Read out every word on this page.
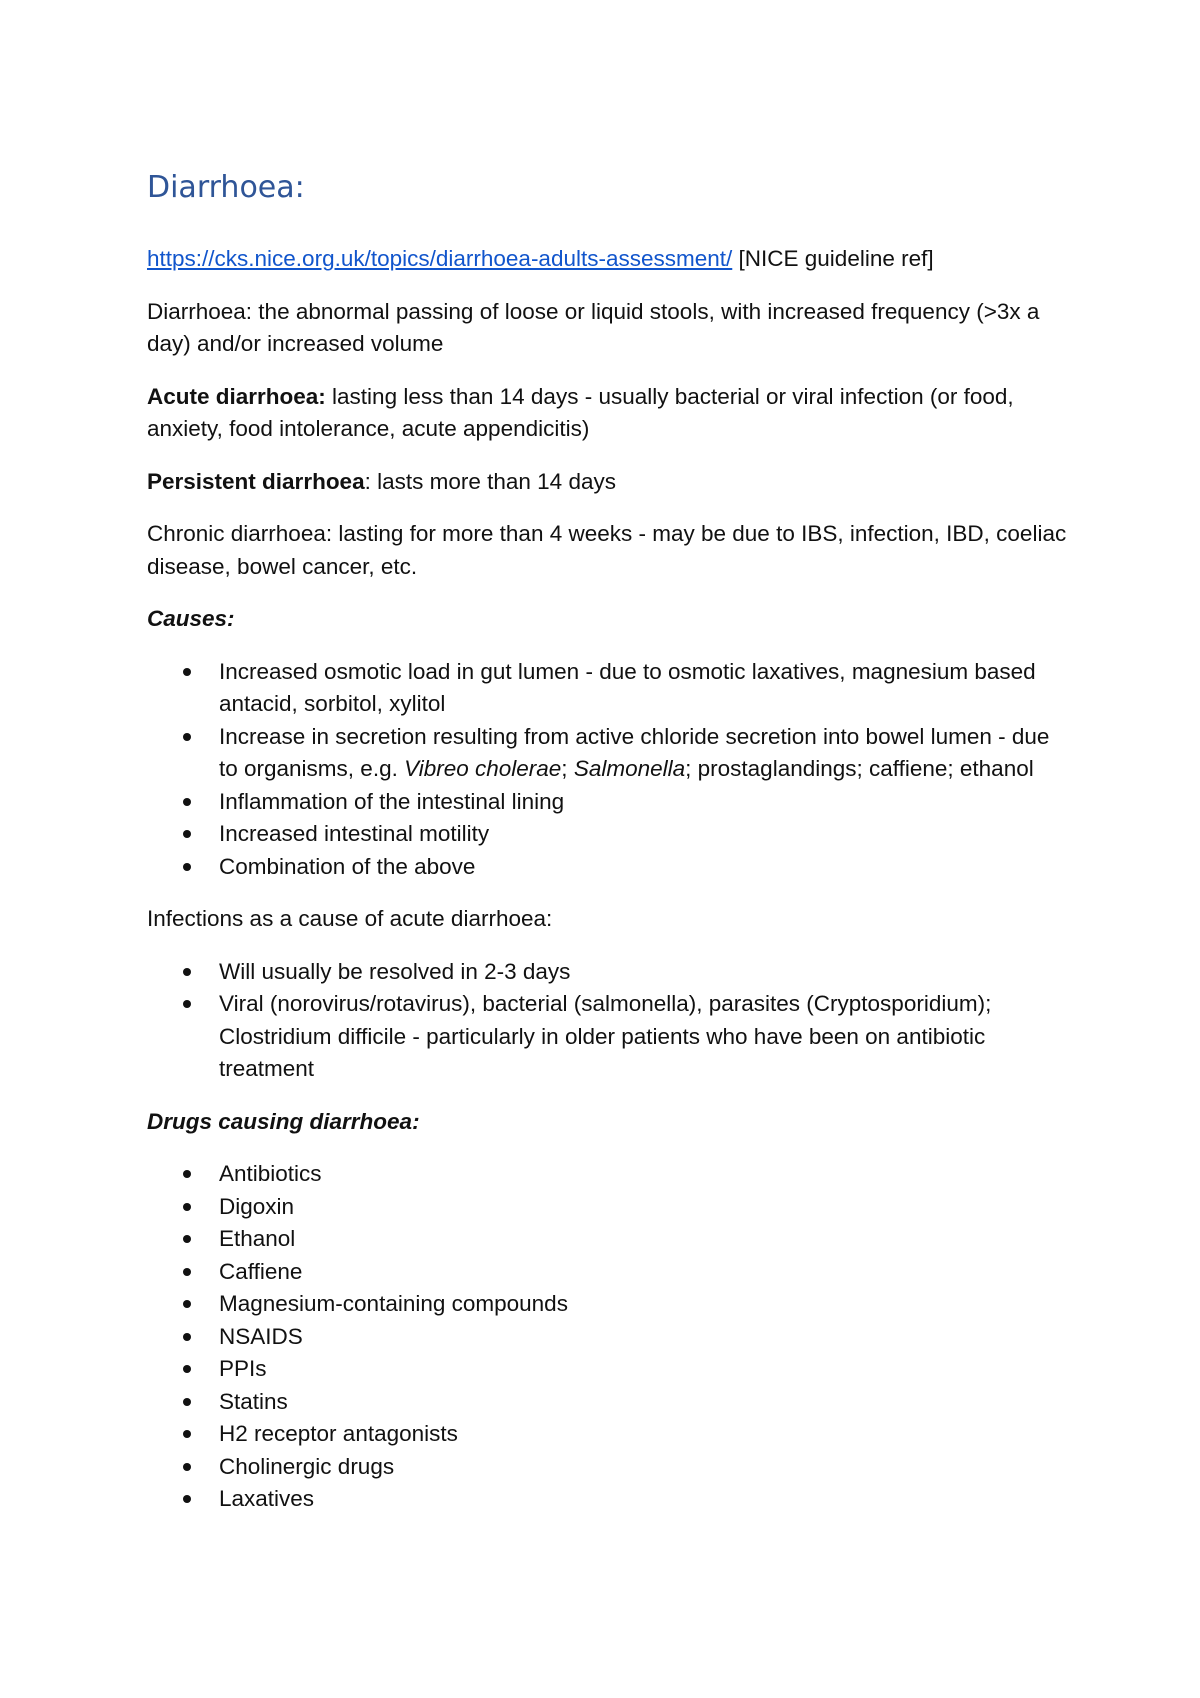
Diarrhoea:

https://cks.nice.org.uk/topics/diarrhoea-adults-assessment/ [NICE guideline ref]

Diarrhoea: the abnormal passing of loose or liquid stools, with increased frequency (>3x a day) and/or increased volume

Acute diarrhoea: lasting less than 14 days - usually bacterial or viral infection (or food, anxiety, food intolerance, acute appendicitis)

Persistent diarrhoea: lasts more than 14 days

Chronic diarrhoea: lasting for more than 4 weeks - may be due to IBS, infection, IBD, coeliac disease, bowel cancer, etc.

Causes:

Increased osmotic load in gut lumen - due to osmotic laxatives, magnesium based antacid, sorbitol, xylitol
Increase in secretion resulting from active chloride secretion into bowel lumen - due to organisms, e.g. Vibreo cholerae; Salmonella; prostaglandings; caffiene; ethanol
Inflammation of the intestinal lining
Increased intestinal motility
Combination of the above

Infections as a cause of acute diarrhoea:

Will usually be resolved in 2-3 days
Viral (norovirus/rotavirus), bacterial (salmonella), parasites (Cryptosporidium); Clostridium difficile - particularly in older patients who have been on antibiotic treatment

Drugs causing diarrhoea:

Antibiotics
Digoxin
Ethanol
Caffiene
Magnesium-containing compounds
NSAIDS
PPIs
Statins
H2 receptor antagonists
Cholinergic drugs
Laxatives
